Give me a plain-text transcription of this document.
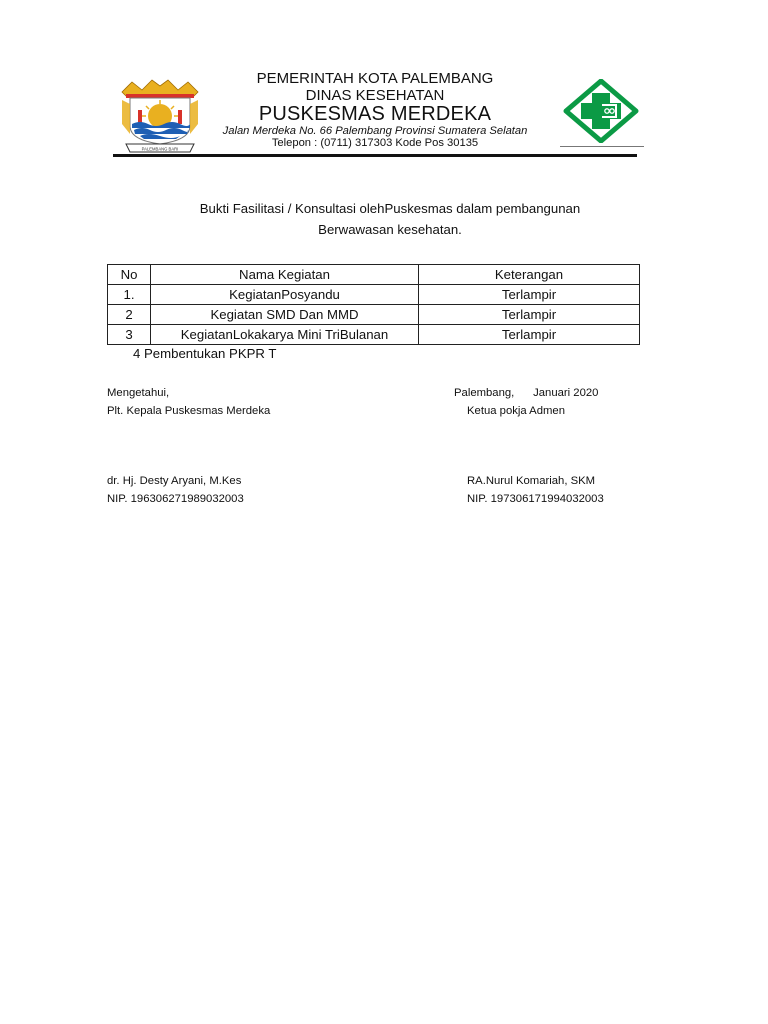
PALEMBANG BARI
PEMERINTAH KOTA PALEMBANG
DINAS KESEHATAN
PUSKESMAS MERDEKA
Jalan Merdeka No. 66 Palembang Provinsi Sumatera Selatan
Telepon : (0711) 317303 Kode Pos 30135
Bukti Fasilitasi / Konsultasi olehPuskesmas dalam pembangunan
Berwawasan kesehatan.
No	Nama Kegiatan	Keterangan
1.	KegiatanPosyandu	Terlampir
2	Kegiatan SMD Dan MMD	Terlampir
3	KegiatanLokakarya Mini TriBulanan	Terlampir
4 Pembentukan PKPR T
Mengetahui,	Palembang,      Januari 2020
Plt. Kepala Puskesmas Merdeka	Ketua pokja Admen
dr. Hj. Desty Aryani, M.Kes	RA.Nurul Komariah, SKM
NIP. 196306271989032003	NIP. 197306171994032003
